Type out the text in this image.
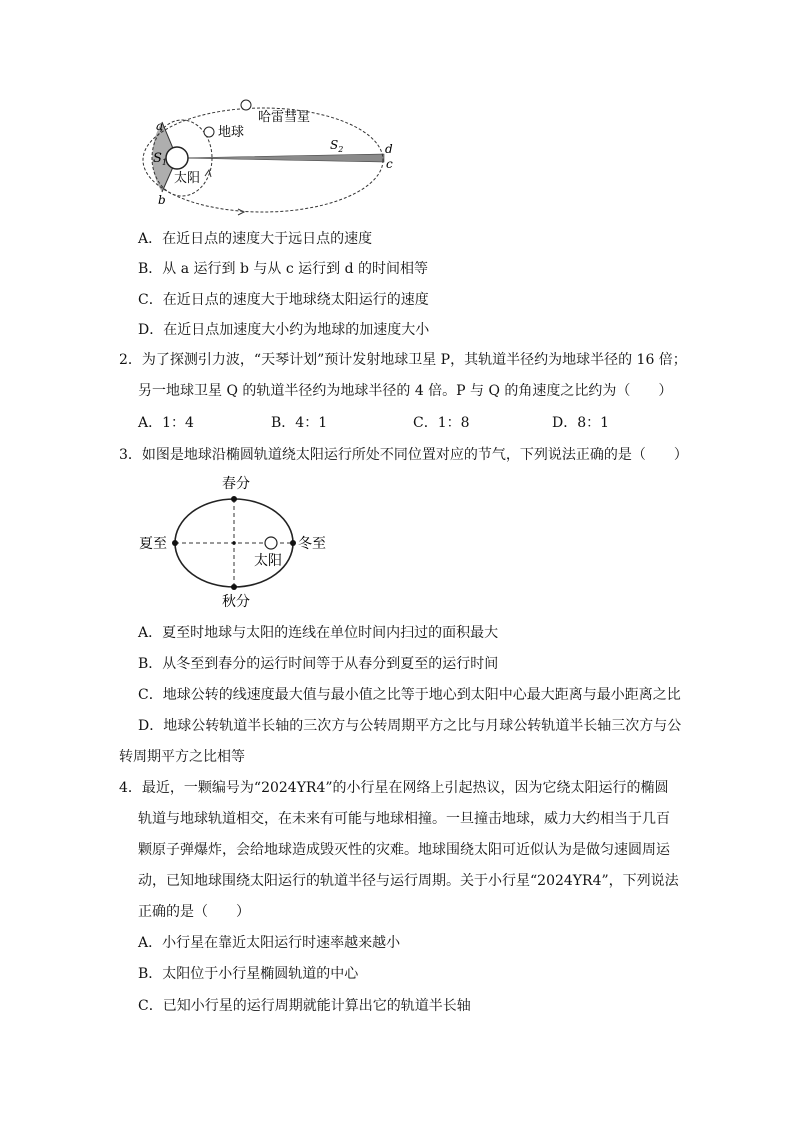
哈雷彗星
地球
太阳
$S_1$
$S_2$
a
b
d
c
A．在近日点的速度大于远日点的速度
B．从 a 运行到 b 与从 c 运行到 d 的时间相等
C．在近日点的速度大于地球绕太阳运行的速度
D．在近日点加速度大小约为地球的加速度大小
2．为了探测引力波，“天琴计划”预计发射地球卫星 P，其轨道半径约为地球半径的 16 倍；
另一地球卫星 Q 的轨道半径约为地球半径的 4 倍。P 与 Q 的角速度之比约为（　　）
A．1：4	B．4：1	C．1：8	D．8：1
3．如图是地球沿椭圆轨道绕太阳运行所处不同位置对应的节气，下列说法正确的是（　　）
春分
夏至	冬至
秋分
太阳
A．夏至时地球与太阳的连线在单位时间内扫过的面积最大
B．从冬至到春分的运行时间等于从春分到夏至的运行时间
C．地球公转的线速度最大值与最小值之比等于地心到太阳中心最大距离与最小距离之比
D．地球公转轨道半长轴的三次方与公转周期平方之比与月球公转轨道半长轴三次方与公
转周期平方之比相等
4．最近，一颗编号为“2024YR4”的小行星在网络上引起热议，因为它绕太阳运行的椭圆
轨道与地球轨道相交，在未来有可能与地球相撞。一旦撞击地球，威力大约相当于几百
颗原子弹爆炸，会给地球造成毁灭性的灾难。地球围绕太阳可近似认为是做匀速圆周运
动，已知地球围绕太阳运行的轨道半径与运行周期。关于小行星“2024YR4”，下列说法
正确的是（　　）
A．小行星在靠近太阳运行时速率越来越小
B．太阳位于小行星椭圆轨道的中心
C．已知小行星的运行周期就能计算出它的轨道半长轴
